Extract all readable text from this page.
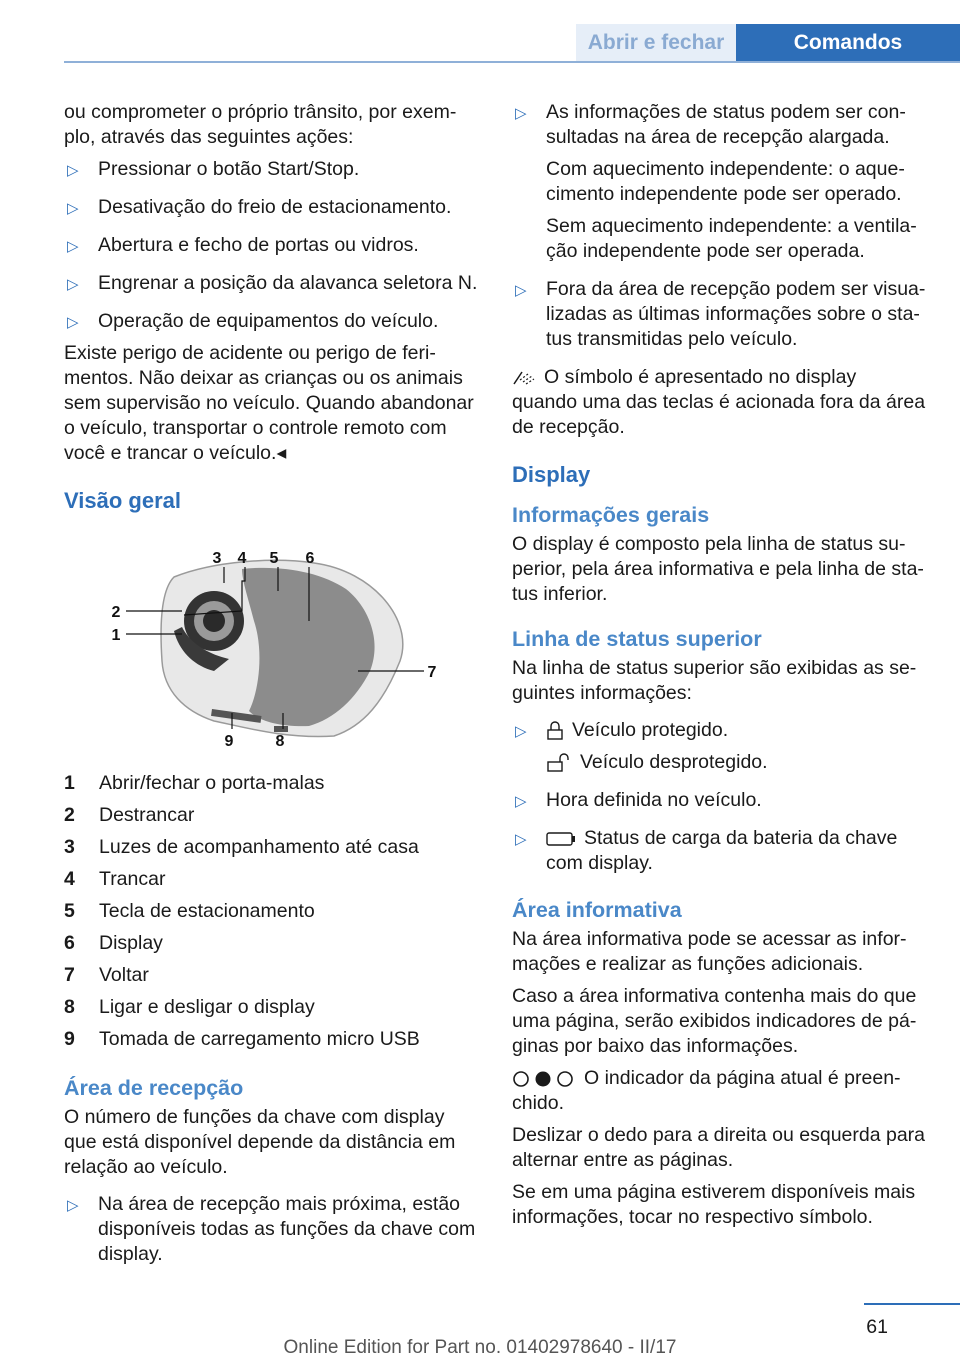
Abrir e fechar	Comandos

ou comprometer o próprio trânsito, por exem- plo, através das seguintes ações:

▷ Pressionar o botão Start/Stop.
▷ Desativação do freio de estacionamento.
▷ Abertura e fecho de portas ou vidros.
▷ Engrenar a posição da alavanca seletora N.
▷ Operação de equipamentos do veículo.

Existe perigo de acidente ou perigo de feri- mentos. Não deixar as crianças ou os animais sem supervisão no veículo. Quando abandonar o veículo, transportar o controle remoto com você e trancar o veículo.◂

Visão geral
3 4 5 6
2
1
7
9	8
1	Abrir/fechar o porta-malas
2	Destrancar
3	Luzes de acompanhamento até casa
4	Trancar
5	Tecla de estacionamento
6	Display
7	Voltar
8	Ligar e desligar o display
9	Tomada de carregamento micro USB
Área de recepção

O número de funções da chave com display que está disponível depende da distância em relação ao veículo.

▷ Na área de recepção mais próxima, estão disponíveis todas as funções da chave com display.
▷ As informações de status podem ser con- sultadas na área de recepção alargada.

Com aquecimento independente: o aque- cimento independente pode ser operado.

Sem aquecimento independente: a ventila- ção independente pode ser operada.

▷ Fora da área de recepção podem ser visua- lizadas as últimas informações sobre o sta- tus transmitidas pelo veículo.

O símbolo é apresentado no display quando uma das teclas é acionada fora da área de recepção.

Display
Informações gerais

O display é composto pela linha de status su- perior, pela área informativa e pela linha de sta- tus inferior.

Linha de status superior

Na linha de status superior são exibidas as se- guintes informações:

▷	Veículo protegido.

Veículo desprotegido.

▷ Hora definida no veículo.
▷	Status de carga da bateria da chave com display.
Área informativa

Na área informativa pode se acessar as infor- mações e realizar as funções adicionais.

Caso a área informativa contenha mais do que uma página, serão exibidos indicadores de pá- ginas por baixo das informações.

O indicador da página atual é preen- chido.

Deslizar o dedo para a direita ou esquerda para alternar entre as páginas.

Se em uma página estiverem disponíveis mais informações, tocar no respectivo símbolo.

61
Online Edition for Part no. 01402978640 - II/17
